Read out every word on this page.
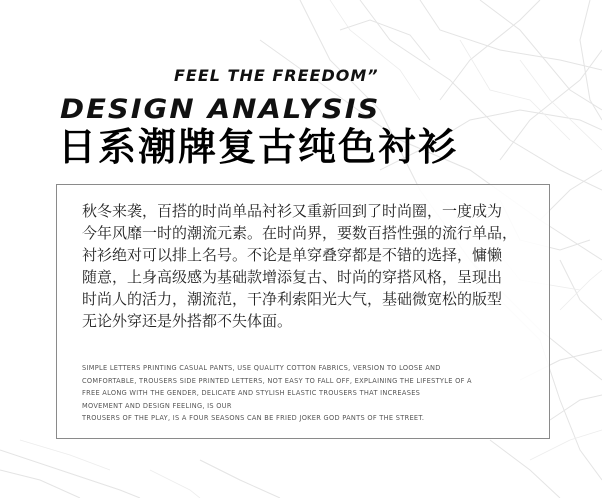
FEEL THE FREEDOM”
DESIGN ANALYSIS
日系潮牌复古纯色衬衫
秋冬来袭，百搭的时尚单品衬衫又重新回到了时尚圈，一度成为
今年风靡一时的潮流元素。在时尚界，要数百搭性强的流行单品，
衬衫绝对可以排上名号。不论是单穿叠穿都是不错的选择，慵懒
随意，上身高级感为基础款增添复古、时尚的穿搭风格，呈现出
时尚人的活力，潮流范，干净利索阳光大气，基础微宽松的版型
无论外穿还是外搭都不失体面。
SIMPLE LETTERS PRINTING CASUAL PANTS, USE QUALITY COTTON FABRICS, VERSION TO LOOSE AND
COMFORTABLE, TROUSERS SIDE PRINTED LETTERS, NOT EASY TO FALL OFF, EXPLAINING THE LIFESTYLE OF A
FREE ALONG WITH THE GENDER, DELICATE AND STYLISH ELASTIC TROUSERS THAT INCREASES
MOVEMENT AND DESIGN FEELING, IS OUR
TROUSERS OF THE PLAY, IS A FOUR SEASONS CAN BE FRIED JOKER GOD PANTS OF THE STREET.
